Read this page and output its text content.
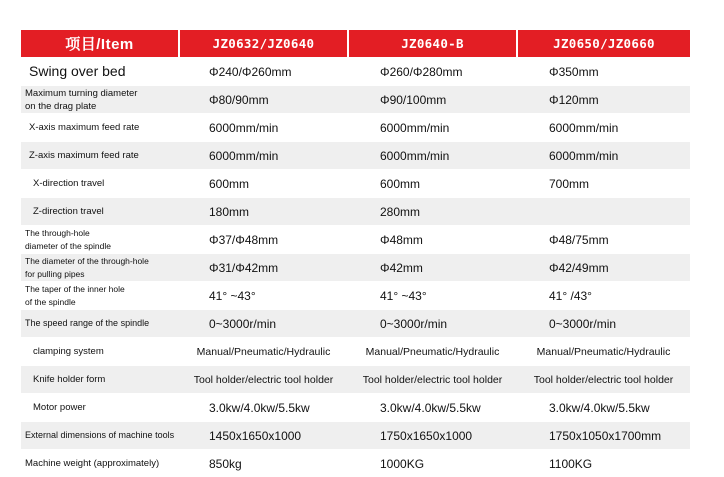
项目/Item	JZ0632/JZ0640	JZ0640-B	JZ0650/JZ0660
Swing over bed	Φ240/Φ260mm	Φ260/Φ280mm	Φ350mm

Maximum turning diameter
on the drag plate	Φ80/90mm	Φ90/100mm	Φ120mm
X-axis maximum feed rate	6000mm/min	6000mm/min	6000mm/min
Z-axis maximum feed rate	6000mm/min	6000mm/min	6000mm/min
X-direction travel	600mm	600mm	700mm
Z-direction travel	180mm	280mm	

The through-hole
diameter of the spindle	Φ37/Φ48mm	Φ48mm	Φ48/75mm

The diameter of the through-hole
for pulling pipes	Φ31/Φ42mm	Φ42mm	Φ42/49mm

The taper of the inner hole
of the spindle	41° ~43°	41° ~43°	41° /43°
The speed range of the spindle	0~3000r/min	0~3000r/min	0~3000r/min
clamping system	Manual/Pneumatic/Hydraulic	Manual/Pneumatic/Hydraulic	Manual/Pneumatic/Hydraulic
Knife holder form	Tool holder/electric tool holder	Tool holder/electric tool holder	Tool holder/electric tool holder
Motor power	3.0kw/4.0kw/5.5kw	3.0kw/4.0kw/5.5kw	3.0kw/4.0kw/5.5kw
External dimensions of machine tools	1450x1650x1000	1750x1650x1000	1750x1050x1700mm
Machine weight (approximately)	850kg	1000KG	1100KG
